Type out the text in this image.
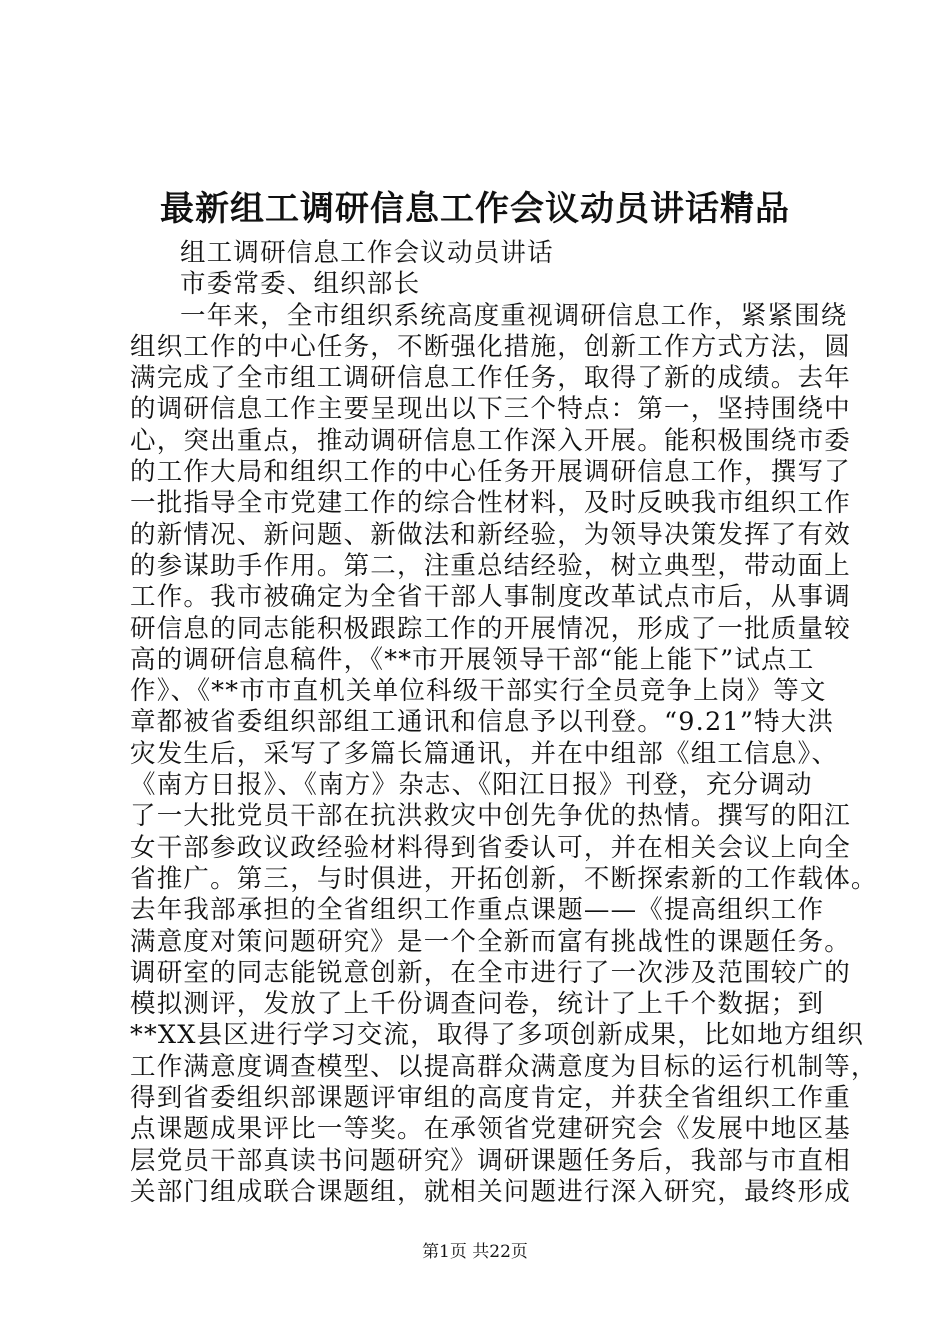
最新组工调研信息工作会议动员讲话精品
组工调研信息工作会议动员讲话
市委常委、组织部长
一年来，全市组织系统高度重视调研信息工作，紧紧围绕
组织工作的中心任务，不断强化措施，创新工作方式方法，圆
满完成了全市组工调研信息工作任务，取得了新的成绩。去年
的调研信息工作主要呈现出以下三个特点：第一，坚持围绕中
心，突出重点，推动调研信息工作深入开展。能积极围绕市委
的工作大局和组织工作的中心任务开展调研信息工作，撰写了
一批指导全市党建工作的综合性材料，及时反映我市组织工作
的新情况、新问题、新做法和新经验，为领导决策发挥了有效
的参谋助手作用。第二，注重总结经验，树立典型，带动面上
工作。我市被确定为全省干部人事制度改革试点市后，从事调
研信息的同志能积极跟踪工作的开展情况，形成了一批质量较
高的调研信息稿件，《**市开展领导干部“能上能下”试点工
作》、《**市市直机关单位科级干部实行全员竞争上岗》等文
章都被省委组织部组工通讯和信息予以刊登。“9.21”特大洪
灾发生后，采写了多篇长篇通讯，并在中组部《组工信息》、
《南方日报》、《南方》杂志、《阳江日报》刊登，充分调动
了一大批党员干部在抗洪救灾中创先争优的热情。撰写的阳江
女干部参政议政经验材料得到省委认可，并在相关会议上向全
省推广。第三，与时俱进，开拓创新，不断探索新的工作载体。
去年我部承担的全省组织工作重点课题——《提高组织工作
满意度对策问题研究》是一个全新而富有挑战性的课题任务。
调研室的同志能锐意创新，在全市进行了一次涉及范围较广的
模拟测评，发放了上千份调查问卷，统计了上千个数据；到
**XX县区进行学习交流，取得了多项创新成果，比如地方组织
工作满意度调查模型、以提高群众满意度为目标的运行机制等，
得到省委组织部课题评审组的高度肯定，并获全省组织工作重
点课题成果评比一等奖。在承领省党建研究会《发展中地区基
层党员干部真读书问题研究》调研课题任务后，我部与市直相
关部门组成联合课题组，就相关问题进行深入研究，最终形成
第1页 共22页
